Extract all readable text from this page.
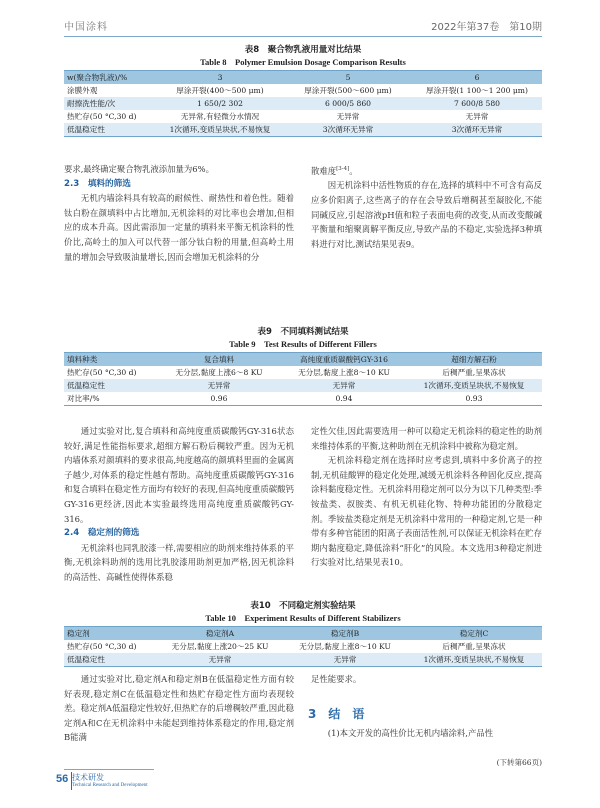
中国涂料	2022年第37卷　第10期
表8　聚合物乳液用量对比结果
Table 8　Polymer Emulsion Dosage Comparison Results
w(聚合物乳液)/%	3	5	6
涂膜外观	厚涂开裂(400～500 μm)	厚涂开裂(500～600 μm)	厚涂开裂(1 100～1 200 μm)
耐擦洗性能/次	1 650/2 302	6 000/5 860	7 600/8 580
热贮存(50 °C,30 d)	无异常,有轻微分水情况	无异常	无异常
低温稳定性	1次循环,变质呈块状,不易恢复	3次循环无异常	3次循环无异常

要求,最终确定聚合物乳液添加量为6%。

2.3　填料的筛选

无机内墙涂料具有较高的耐候性、耐热性和着色性。随着钛白粉在颜填料中占比增加,无机涂料的对比率也会增加,但相应的成本升高。因此需添加一定量的填料来平衡无机涂料的性价比,高岭土的加入可以代替一部分钛白粉的用量,但高岭土用量的增加会导致吸油量增长,因而会增加无机涂料的分

散难度[3-4]。

因无机涂料中活性物质的存在,选择的填料中不可含有高反应多价阳离子,这些离子的存在会导致后增稠甚至凝胶化,不能同碱反应,引起溶液pH值和粒子表面电荷的改变,从而改变酸碱平衡量和缩聚离解平衡反应,导致产品的不稳定,实验选择3种填料进行对比,测试结果见表9。

表9　不同填料测试结果
Table 9　Test Results of Different Fillers
填料种类	复合填料	高纯度重质碳酸钙GY-316	超细方解石粉
热贮存(50 °C,30 d)	无分层,黏度上涨6～8 KU	无分层,黏度上涨8～10 KU	后稠严重,呈果冻状
低温稳定性	无异常	无异常	1次循环,变质呈块状,不易恢复
对比率/%	0.96	0.94	0.93

通过实验对比,复合填料和高纯度重质碳酸钙GY-316状态较好,满足性能指标要求,超细方解石粉后稠较严重。因为无机内墙体系对颜填料的要求很高,纯度越高的颜填料里面的金属离子越少,对体系的稳定性越有帮助。高纯度重质碳酸钙GY-316和复合填料在稳定性方面均有较好的表现,但高纯度重质碳酸钙GY-316更经济,因此本实验最终选用高纯度重质碳酸钙GY-316。

2.4　稳定剂的筛选

无机涂料也同乳胶漆一样,需要相应的助剂来维持体系的平衡,无机涂料助剂的选用比乳胶漆用助剂更加严格,因无机涂料的高活性、高碱性使得体系稳

定性欠佳,因此需要选用一种可以稳定无机涂料的稳定性的助剂来维持体系的平衡,这种助剂在无机涂料中被称为稳定剂。

无机涂料稳定剂在选择时应考虑到,填料中多价离子的控制,无机硅酸钾的稳定化处理,减缓无机涂料各种固化反应,提高涂料黏度稳定性。无机涂料用稳定剂可以分为以下几种类型:季铵盐类、叔胺类、有机无机硅化物、特种功能团的分散稳定剂。季铵盐类稳定剂是无机涂料中常用的一种稳定剂,它是一种带有多种官能团的阳离子表面活性剂,可以保证无机涂料在贮存期内黏度稳定,降低涂料“肝化”的风险。本文选用3种稳定剂进行实验对比,结果见表10。

表10　不同稳定剂实验结果
Table 10　Experiment Results of Different Stabilizers
稳定剂	稳定剂A	稳定剂B	稳定剂C
热贮存(50 °C,30 d)	无分层,黏度上涨20～25 KU	无分层,黏度上涨8～10 KU	后稠严重,呈果冻状
低温稳定性	无异常	无异常	1次循环,变质呈块状,不易恢复

通过实验对比,稳定剂A和稳定剂B在低温稳定性方面有较好表现,稳定剂C在低温稳定性和热贮存稳定性方面均表现较差。稳定剂A低温稳定性较好,但热贮存的后增稠较严重,因此稳定剂A和C在无机涂料中未能起到维持体系稳定的作用,稳定剂B能满

足性能要求。

3　结　语

(1)本文开发的高性价比无机内墙涂料,产品性

(下转第66页)
56 技术研发
Technical Research and Development
